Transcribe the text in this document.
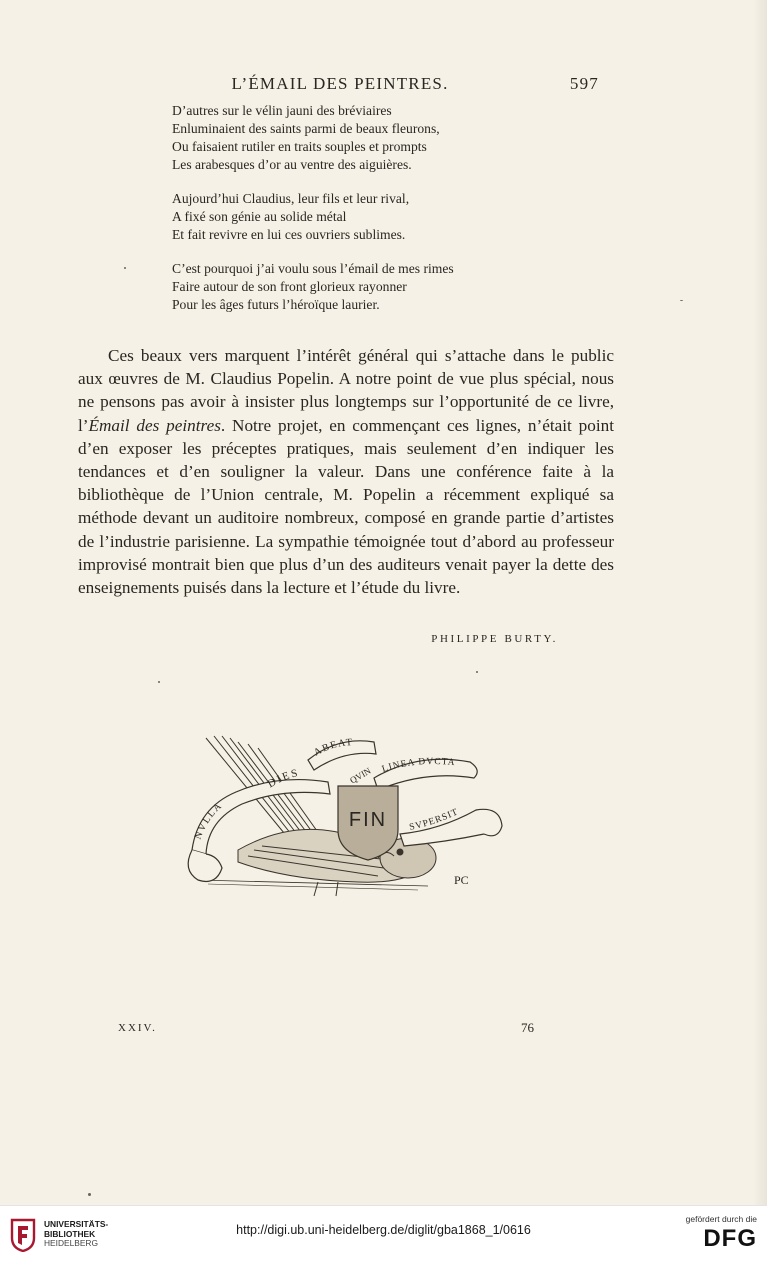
L’ÉMAIL DES PEINTRES.	597
D’autres sur le vélin jauni des bréviaires
Enluminaient des saints parmi de beaux fleurons,
Ou faisaient rutiler en traits souples et prompts
Les arabesques d’or au ventre des aiguières.
Aujourd’hui Claudius, leur fils et leur rival,
A fixé son génie au solide métal
Et fait revivre en lui ces ouvriers sublimes.
C’est pourquoi j’ai voulu sous l’émail de mes rimes
Faire autour de son front glorieux rayonner
Pour les âges futurs l’héroïque laurier.
Ces beaux vers marquent l’intérêt général qui s’attache dans le public aux œuvres de M. Claudius Popelin. A notre point de vue plus spécial, nous ne pensons pas avoir à insister plus longtemps sur l’opportunité de ce livre, l’Émail des peintres. Notre projet, en commençant ces lignes, n’était point d’en exposer les préceptes pratiques, mais seulement d’en indiquer les tendances et d’en souligner la valeur. Dans une conférence faite à la bibliothèque de l’Union centrale, M. Popelin a récemment expliqué sa méthode devant un auditoire nombreux, composé en grande partie d’artistes de l’industrie parisienne. La sympathie témoignée tout d’abord au professeur improvisé montrait bien que plus d’un des auditeurs venait payer la dette des enseignements puisés dans la lecture et l’étude du livre.
PHILIPPE BURTY.
ABEAT
DIES	QVIN LINEA DVCTA
NVLLA
SVPERSIT
FIN
PC
XXIV.	76
UNIVERSITÄTS-
BIBLIOTHEK
HEIDELBERG
http://digi.ub.uni-heidelberg.de/diglit/gba1868_1/0616
gefördert durch die
DFG
